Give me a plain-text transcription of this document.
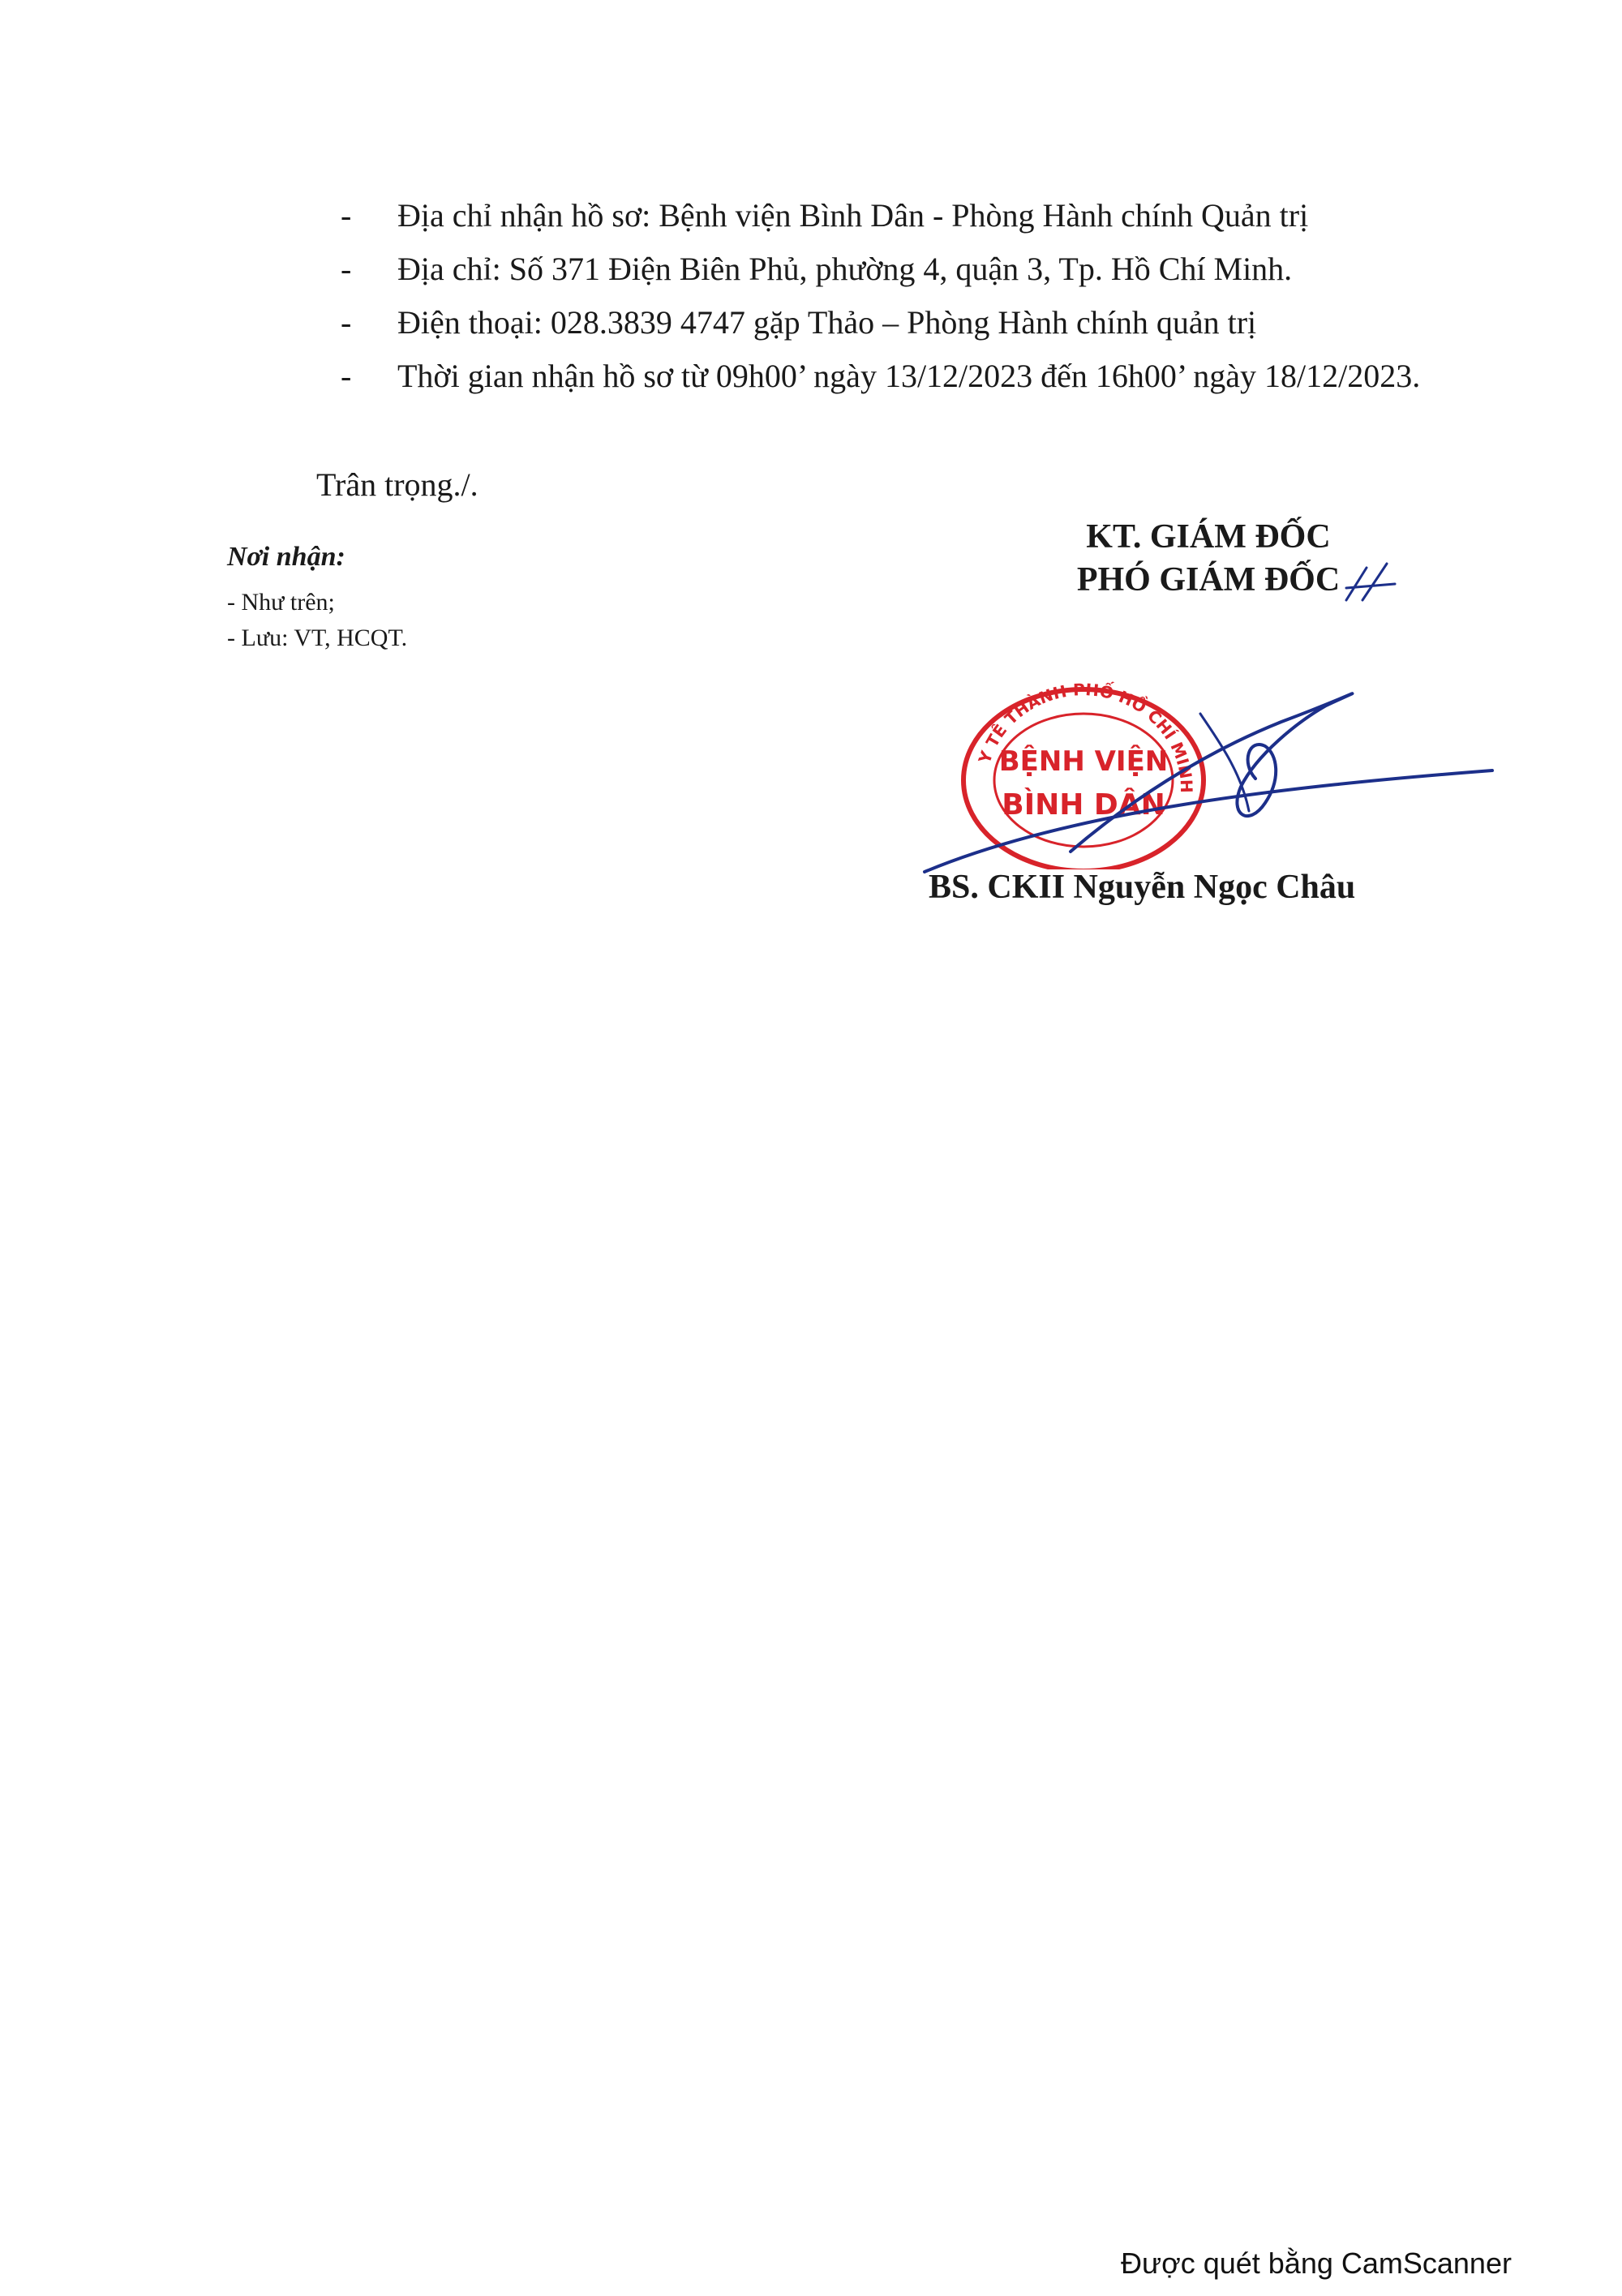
- Địa chỉ nhận hồ sơ: Bệnh viện Bình Dân - Phòng Hành chính Quản trị
- Địa chỉ: Số 371 Điện Biên Phủ, phường 4, quận 3, Tp. Hồ Chí Minh.
- Điện thoại: 028.3839 4747 gặp Thảo – Phòng Hành chính quản trị
- Thời gian nhận hồ sơ từ 09h00’ ngày 13/12/2023 đến 16h00’ ngày 18/12/2023.
Trân trọng./.
Nơi nhận:
- Như trên;
- Lưu: VT, HCQT.
KT. GIÁM ĐỐC
PHÓ GIÁM ĐỐC
Y TẾ THÀNH PHỐ HỒ CHÍ MINH
BỆNH VIỆN
BÌNH DÂN
BS. CKII Nguyễn Ngọc Châu
Được quét bằng CamScanner
